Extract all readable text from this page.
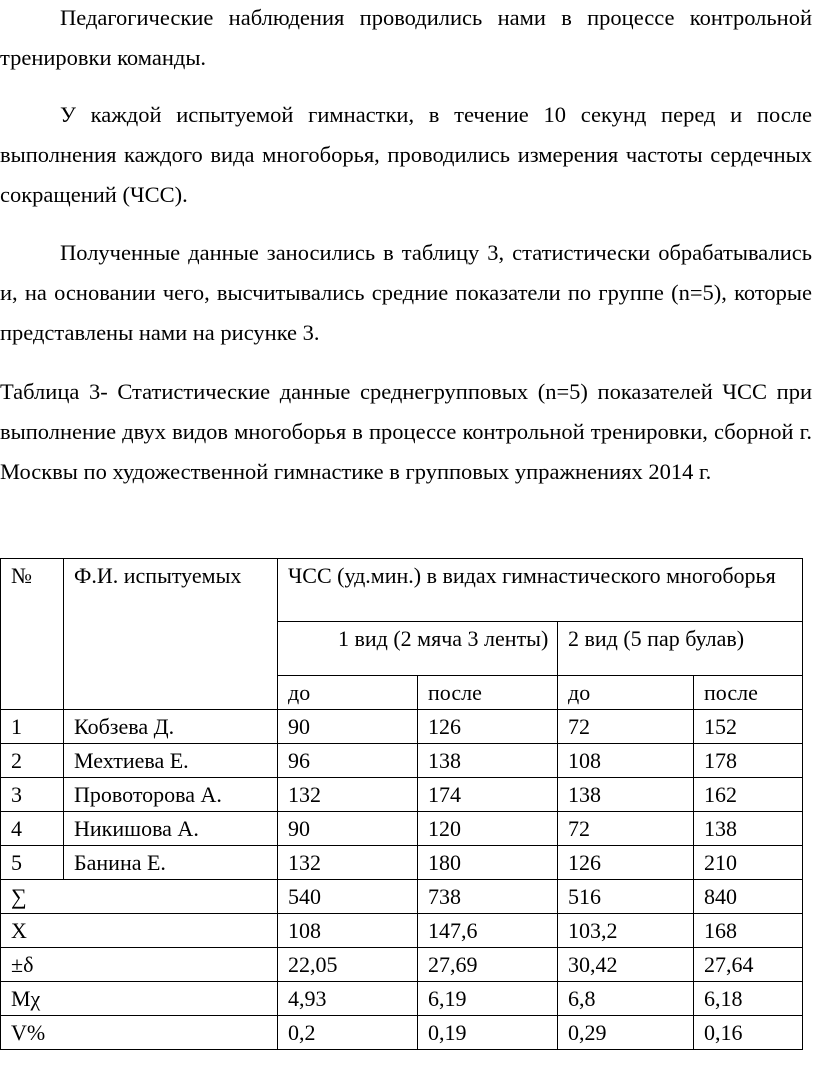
Педагогические наблюдения проводились нами в процессе контрольной тренировки команды.

У каждой испытуемой гимнастки, в течение 10 секунд перед и после выполнения каждого вида многоборья, проводились измерения частоты сердечных сокращений (ЧСС).

Полученные данные заносились в таблицу 3, статистически обрабатывались и, на основании чего, высчитывались средние показатели по группе (n=5), которые представлены нами на рисунке 3.

Таблица 3- Статистические данные среднегрупповых (n=5) показателей ЧСС при выполнение двух видов многоборья в процессе контрольной тренировки, сборной г. Москвы по художественной гимнастике в групповых упражнениях 2014 г.

№	Ф.И. испытуемых	ЧСС (уд.мин.) в видах гимнастического многоборья			
		1 вид (2 мяча 3 ленты)		2 вид (5 пар булав)	
		до	после	до	после
1	Кобзева Д.	90	126	72	152
2	Мехтиева Е.	96	138	108	178
3	Провоторова А.	132	174	138	162
4	Никишова А.	90	120	72	138
5	Банина Е.	132	180	126	210
∑		540	738	516	840
X		108	147,6	103,2	168
±δ		22,05	27,69	30,42	27,64
Mχ		4,93	6,19	6,8	6,18
V%		0,2	0,19	0,29	0,16
